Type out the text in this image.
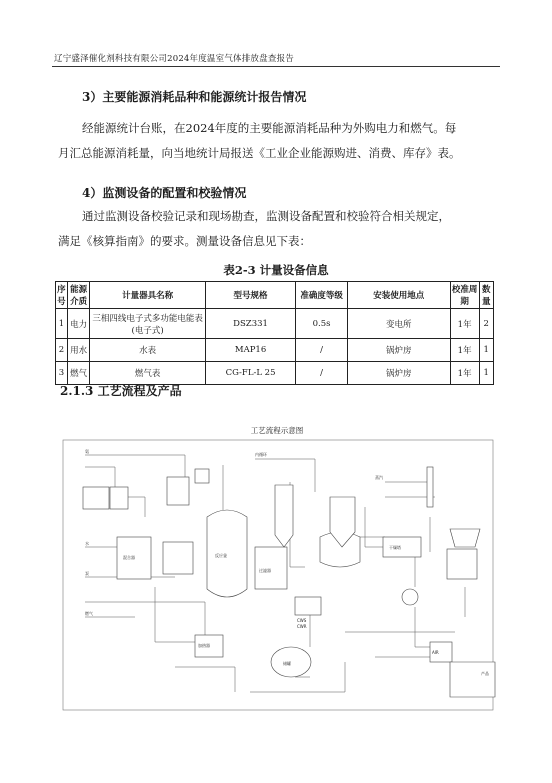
辽宁盛泽催化剂科技有限公司2024年度温室气体排放盘查报告
3）主要能源消耗品种和能源统计报告情况
经能源统计台账，在2024年度的主要能源消耗品种为外购电力和燃气。每
月汇总能源消耗量，向当地统计局报送《工业企业能源购进、消费、库存》表。
4）监测设备的配置和校验情况
通过监测设备校验记录和现场勘查，监测设备配置和校验符合相关规定，
满足《核算指南》的要求。测量设备信息见下表：
表2-3 计量设备信息
序号	能源介质	计量器具名称	型号规格	准确度等级	安装使用地点	校准周期	数量
1	电力	三相四线电子式多功能电能表(电子式)	DSZ331	0.5s	变电所	1年	2
2	用水	水表	MAP16	/	锅炉房	1年	1
3	燃气	燃气表	CG-FL-L 25	/	锅炉房	1年	1
2.1.3 工艺流程及产品
工艺流程示意图
氨
内循环
水
泵
反应釜
过滤器
储罐
干燥塔
混合器
蒸汽
燃气
产品
AIR
CWS
CWR
加热器
